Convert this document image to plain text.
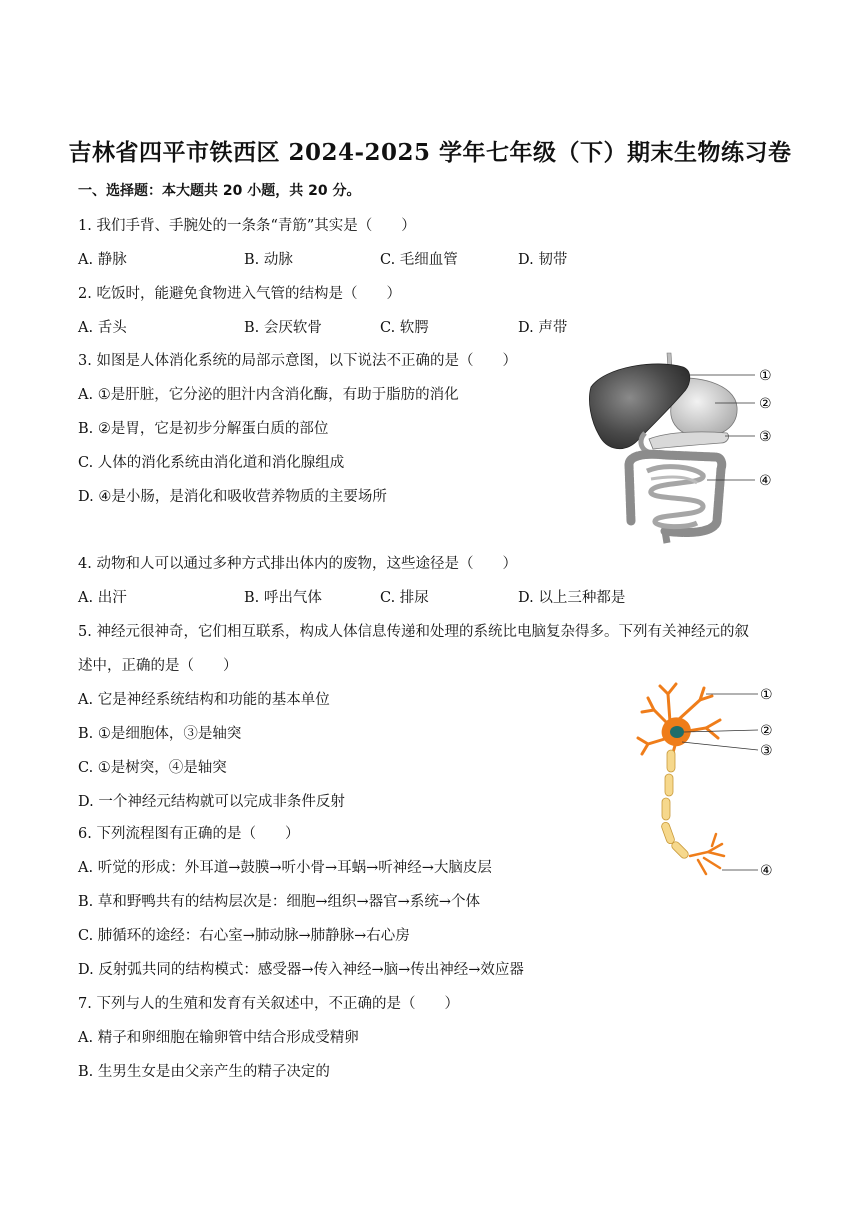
吉林省四平市铁西区 2024-2025 学年七年级（下）期末生物练习卷
一、选择题：本大题共 20 小题，共 20 分。
1. 我们手背、手腕处的一条条“青筋”其实是（　　）
A. 静脉	B. 动脉	C. 毛细血管	D. 韧带
2. 吃饭时，能避免食物进入气管的结构是（　　）
A. 舌头	B. 会厌软骨	C. 软腭	D. 声带
3. 如图是人体消化系统的局部示意图，以下说法不正确的是（　　）
A. ①是肝脏，它分泌的胆汁内含消化酶，有助于脂肪的消化
B. ②是胃，它是初步分解蛋白质的部位
C. 人体的消化系统由消化道和消化腺组成
D. ④是小肠，是消化和吸收营养物质的主要场所
①
②
③
④
4. 动物和人可以通过多种方式排出体内的废物，这些途径是（　　）
A. 出汗	B. 呼出气体	C. 排尿	D. 以上三种都是
5. 神经元很神奇，它们相互联系，构成人体信息传递和处理的系统比电脑复杂得多。下列有关神经元的叙
述中，正确的是（　　）
A. 它是神经系统结构和功能的基本单位
B. ①是细胞体，③是轴突
C. ①是树突，④是轴突
D. 一个神经元结构就可以完成非条件反射
①
②
③
④
6. 下列流程图有正确的是（　　）
A. 听觉的形成：外耳道→鼓膜→听小骨→耳蜗→听神经→大脑皮层
B. 草和野鸭共有的结构层次是：细胞→组织→器官→系统→个体
C. 肺循环的途经：右心室→肺动脉→肺静脉→右心房
D. 反射弧共同的结构模式：感受器→传入神经→脑→传出神经→效应器
7. 下列与人的生殖和发育有关叙述中，不正确的是（　　）
A. 精子和卵细胞在输卵管中结合形成受精卵
B. 生男生女是由父亲产生的精子决定的
